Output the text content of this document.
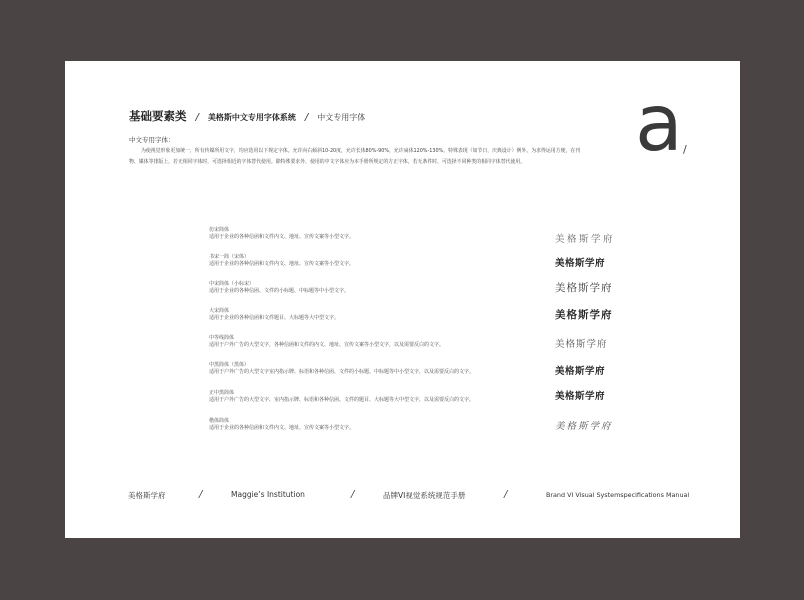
基础要素类 / 美格斯中文专用字体系统 / 中文专用字体	a /
中文专用字体：
为使视觉形象更加统一，所有传媒所用文字，均应选用以下规定字体。允许向右倾斜10-20度，允许长体80%-90%，允许扁体120%-130%。特殊表现（如节日，庆典设计）例外。为求得运用方便，在刊物、媒体等排版上，若无相同字体时，可选择相近的字体替代使用。除特殊要求外，使用的中文字体应为本手册所规定的方正字体，若无条件时，可选择不同种类的相同字体替代使用。
仿宋简体
适用于企业的各种信函和文件内文、地址、宣传文案等小型文字。	美格斯学府
书宋一简（宋体）
适用于企业的各种信函和文件内文、地址、宣传文案等小型文字。	美格斯学府
中宋简体（小标宋）
适用于企业的各种信函、文件的小标题、中标题等中小型文字。	美格斯学府
大宋简体
适用于企业的各种信函和文件题目、大标题等大中型文字。	美格斯学府
中等线简体
适用于户外广告的大型文字，各种信函和文件的内文、地址、宣传文案等小型文字，以及需要反白的文字。	美格斯学府
中黑简体（黑体）
适用于户外广告的大型文字室内指示牌、标语和各种信函、文件的小标题、中标题等中小型文字，以及需要反白的文字。	美格斯学府
正中黑简体
适用于户外广告的大型文字、室内指示牌、标语和各种信函、文件的题目、大标题等大中型文字，以及需要反白的文字。	美格斯学府
楷体简体
适用于企业的各种信函和文件内文、地址、宣传文案等小型文字。	美格斯学府
美格斯学府	/	Maggie’s Institution	/	品牌VI视觉系统规范手册	/	Brand VI Visual Systemspecifications Manual
